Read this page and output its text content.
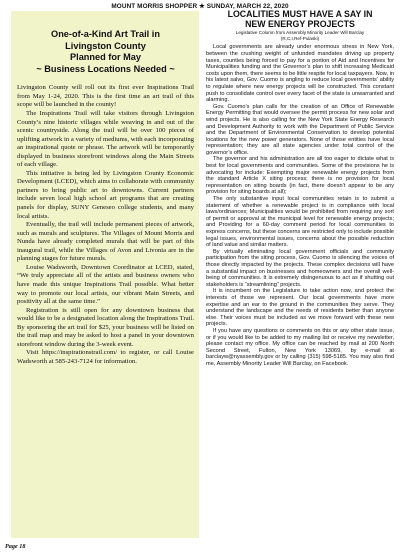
MOUNT MORRIS SHOPPER ★ SUNDAY, MARCH 22, 2020
One-of-a-Kind Art Trail in
Livingston County
Planned for May
~ Business Locations Needed ~

Livingston County will roll out its first ever Inspirations Trail from May 1-24, 2020. This is the first time an art trail of this scope will be launched in the county!

The Inspirations Trail will take visitors through Livingston County’s nine historic villages while weaving in and out of the scenic countryside. Along the trail will be over 100 pieces of uplifting artwork in a variety of mediums, with each incorporating an inspirational quote or phrase. The artwork will be temporarily displayed in business storefront windows along the Main Streets of each village.

This initiative is being led by Livingston County Economic Development (LCED), which aims to collaborate with community partners to bring public art to downtowns. Current partners include seven local high school art programs that are creating panels for display, SUNY Geneseo college students, and many local artists.

Eventually, the trail will include permanent pieces of artwork, such as murals and sculptures. The Villages of Mount Morris and Nunda have already completed murals that will be part of this inaugural trail, while the Villages of Avon and Livonia are in the planning stages for future murals.

Louise Wadsworth, Downtown Coordinator at LCED, stated, “We truly appreciate all of the artists and business owners who have made this unique Inspirations Trail possible. What better way to promote our local artists, our vibrant Main Streets, and positivity all at the same time.”

Registration is still open for any downtown business that would like to be a designated location along the Inspirations Trail. By sponsoring the art trail for $25, your business will be listed on the trail map and may be asked to host a panel in your downtown storefront window during the 3-week event.

Visit https://inspirationstrail.com/ to register, or call Louise Wadsworth at 585-243-7124 for information.

LOCALITIES MUST HAVE A SAY IN
NEW ENERGY PROJECTS
Legislative Column from Assembly Minority Leader Will Barclay
(R,C,I,Ref-Pulaski)

Local governments are already under enormous stress in New York, between the crushing weight of unfunded mandates driving up property taxes, counties being forced to pay for a portion of Aid and Incentives for Municipalities funding and the Governor’s plan to shift increasing Medicaid costs upon them, there seems to be little respite for local taxpayers. Now, in his latest salvo, Gov. Cuomo is angling to reduce local governments’ ability to regulate where new energy projects will be constructed. This constant push to consolidate control over every facet of the state is unwarranted and alarming.

Gov. Cuomo’s plan calls for the creation of an Office of Renewable Energy Permitting that would oversee the permit process for new solar and wind projects. He is also calling for the New York State Energy Research and Development Authority to work with the Department of Public Service and the Department of Environmental Conservation to develop potential locations for the new power generators. None of those entities have local representation; they are all state agencies under total control of the governor’s office.

The governor and his administration are all too eager to dictate what is best for local governments and communities. Some of the provisions he is advocating for include: Exempting major renewable energy projects from the standard Article X siting process; there is no provision for local representation on siting boards (in fact, there doesn’t appear to be any provision for siting boards at all);

The only substantive input local communities retain is to submit a statement of whether a renewable project is in compliance with local laws/ordinances; Municipalities would be prohibited from requiring any sort of permit or approval at the municipal level for renewable energy projects; and Providing for a 60-day comment period for local communities to express concerns, but these concerns are restricted only to include possible legal issues, environmental issues, concerns about the possible reduction of land value and similar matters.

By virtually eliminating local government officials and community participation from the siting process, Gov. Cuomo is silencing the voices of those directly impacted by the projects. These complex decisions will have a substantial impact on businesses and homeowners and the overall well-being of communities. It is extremely disingenuous to act as if shutting out stakeholders is “streamlining” projects.

It is incumbent on the Legislature to take action now, and protect the interests of those we represent. Our local governments have more expertise and an ear to the ground in the communities they serve. They understand the landscape and the needs of residents better than anyone else. Their voices must be included as we move forward with these new projects.

If you have any questions or comments on this or any other state issue, or if you would like to be added to my mailing list or receive my newsletter, please contact my office. My office can be reached by mail at 200 North Second Street, Fulton, New York 13069, by e-mail at barclayw@nyassembly.gov or by calling (315) 598-5185. You may also find me, Assembly Minority Leader Will Barclay, on Facebook.

Page 18
